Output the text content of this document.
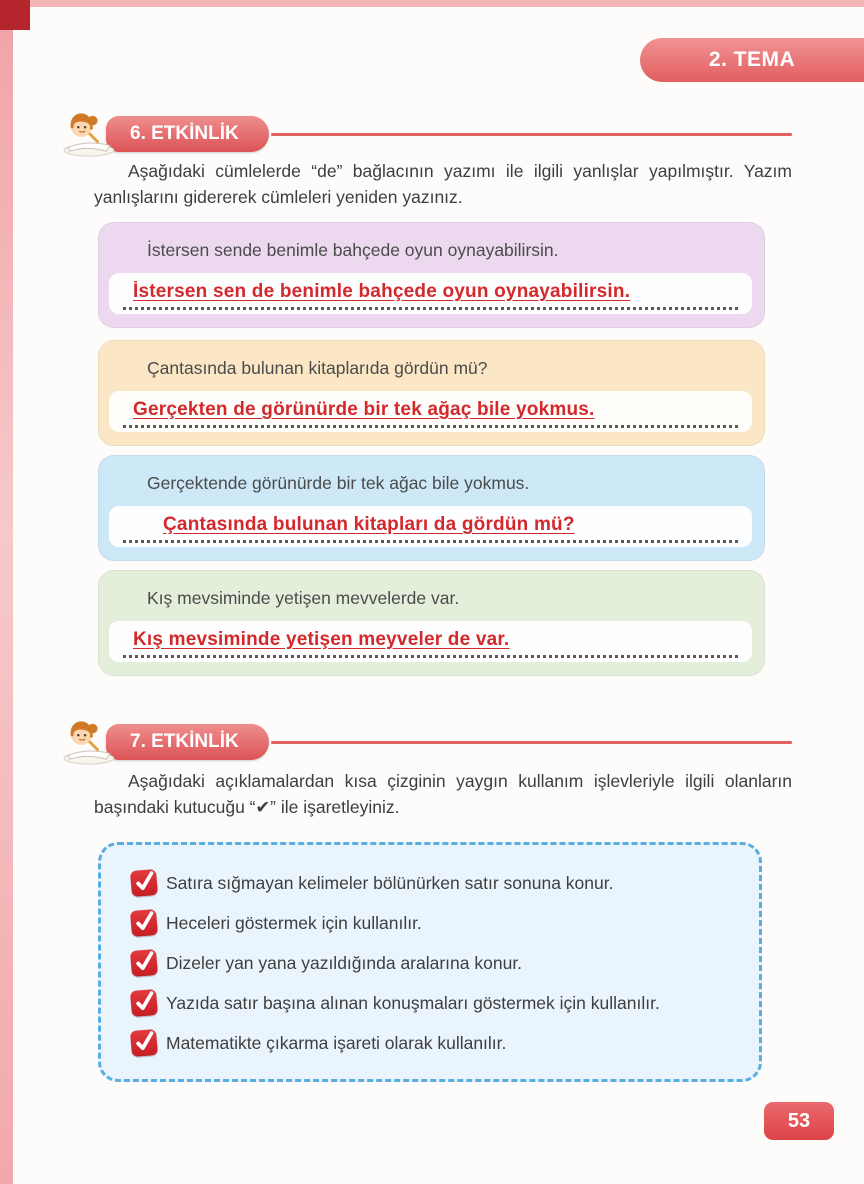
2. TEMA
6. ETKİNLİK

Aşağıdaki cümlelerde “de” bağlacının yazımı ile ilgili yanlışlar yapılmıştır. Yazım yanlışlarını gidererek cümleleri yeniden yazınız.

İstersen sende benimle bahçede oyun oynayabilirsin.

İstersen sen de benimle bahçede oyun oynayabilirsin.

Çantasında bulunan kitaplarıda gördün mü?

Gerçekten de görünürde bir tek ağaç bile yokmus.

Gerçektende görünürde bir tek ağac bile yokmus.

Çantasında bulunan kitapları da gördün mü?

Kış mevsiminde yetişen mevvelerde var.

Kış mevsiminde yetişen meyveler de var.
7. ETKİNLİK

Aşağıdaki açıklamalardan kısa çizginin yaygın kullanım işlevleriyle ilgili olanların başındaki kutucuğu “✔” ile işaretleyiniz.

Satıra sığmayan kelimeler bölünürken satır sonuna konur.
Heceleri göstermek için kullanılır.
Dizeler yan yana yazıldığında aralarına konur.
Yazıda satır başına alınan konuşmaları göstermek için kullanılır.
Matematikte çıkarma işareti olarak kullanılır.
53
